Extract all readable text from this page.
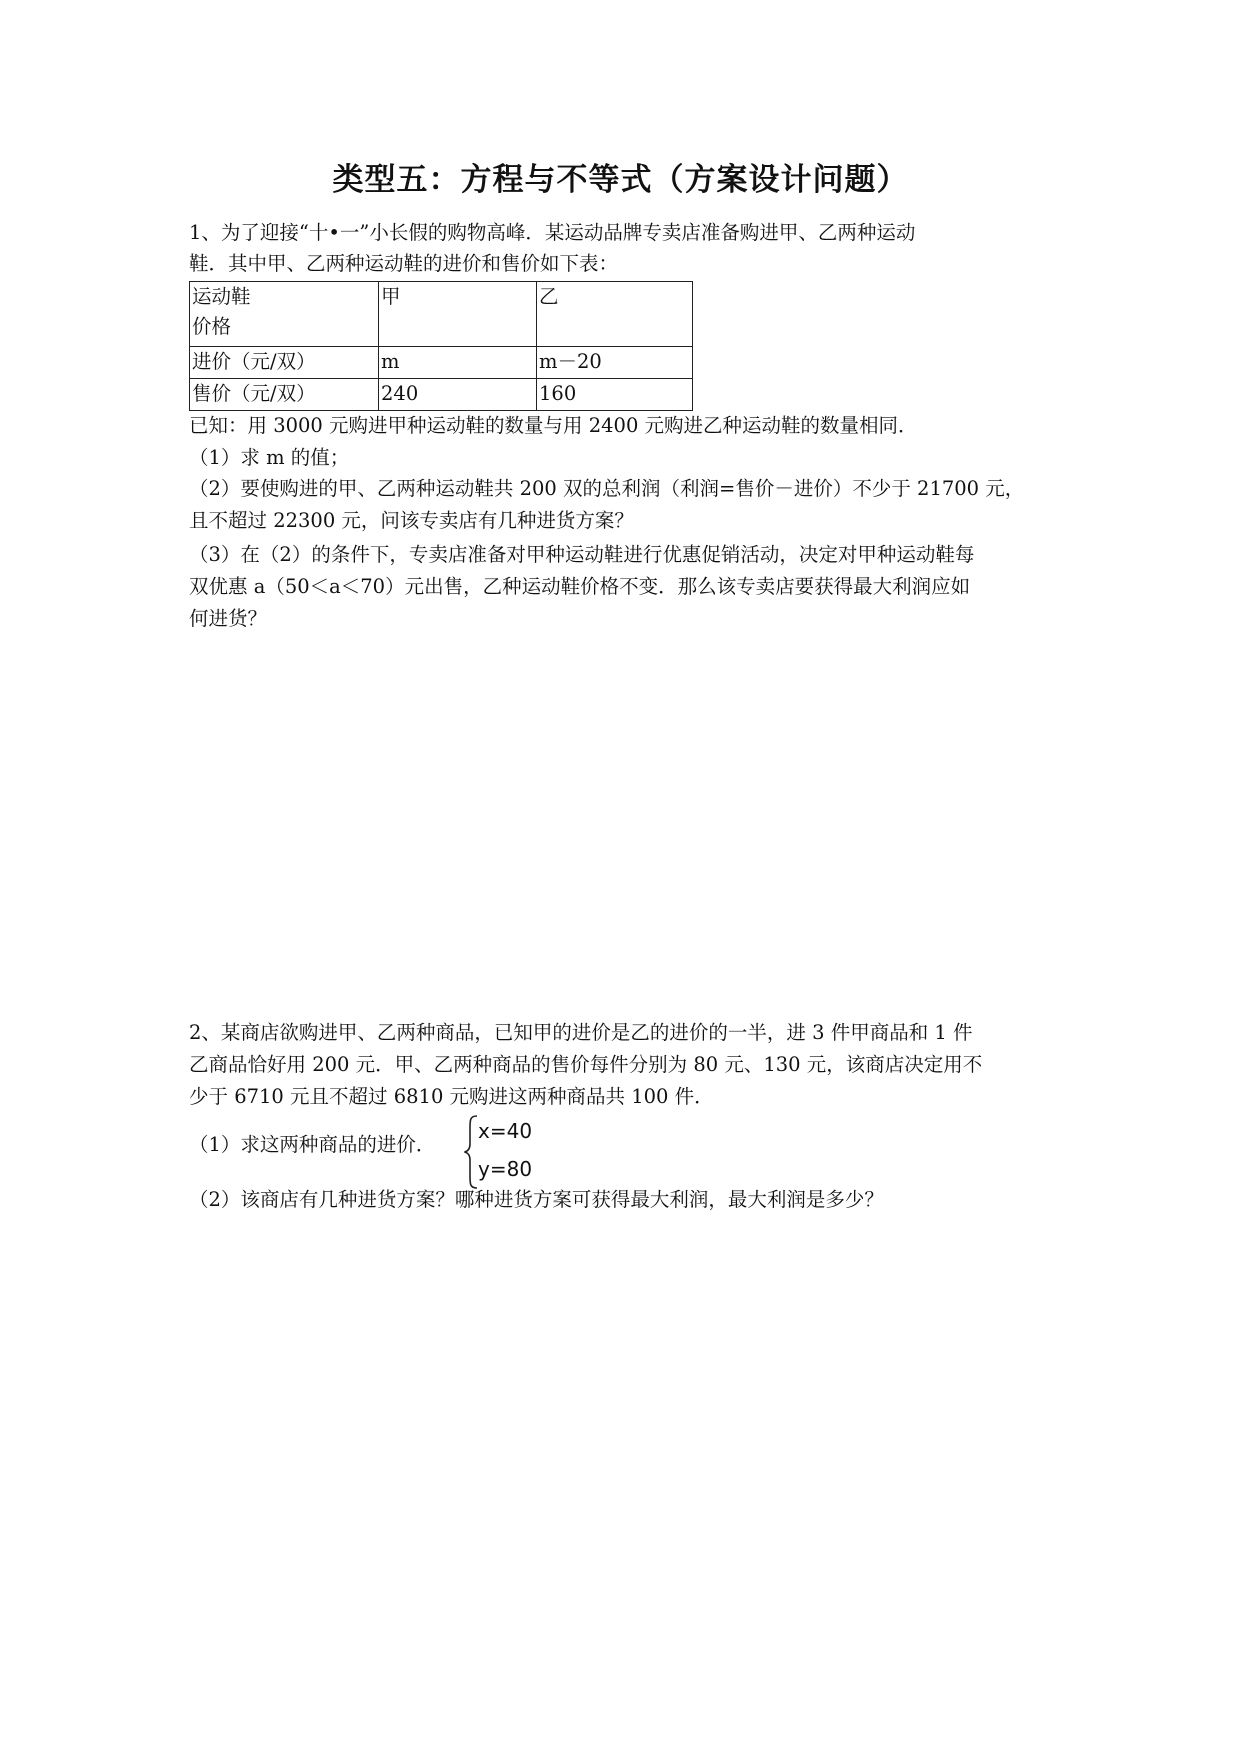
类型五：方程与不等式（方案设计问题）
1、为了迎接“十•一”小长假的购物高峰．某运动品牌专卖店准备购进甲、乙两种运动
鞋．其中甲、乙两种运动鞋的进价和售价如下表：
运动鞋
价格	甲	乙
进价（元/双）	m	m－20
售价（元/双）	240	160
已知：用 3000 元购进甲种运动鞋的数量与用 2400 元购进乙种运动鞋的数量相同．
（1）求 m 的值；
（2）要使购进的甲、乙两种运动鞋共 200 双的总利润（利润=售价－进价）不少于 21700 元，
且不超过 22300 元，问该专卖店有几种进货方案？
（3）在（2）的条件下，专卖店准备对甲种运动鞋进行优惠促销活动，决定对甲种运动鞋每
双优惠 a（50＜a＜70）元出售，乙种运动鞋价格不变．那么该专卖店要获得最大利润应如
何进货？
2、某商店欲购进甲、乙两种商品，已知甲的进价是乙的进价的一半，进 3 件甲商品和 1 件
乙商品恰好用 200 元．甲、乙两种商品的售价每件分别为 80 元、130 元，该商店决定用不
少于 6710 元且不超过 6810 元购进这两种商品共 100 件．
（1）求这两种商品的进价．
x=40
y=80
（2）该商店有几种进货方案？哪种进货方案可获得最大利润，最大利润是多少？
